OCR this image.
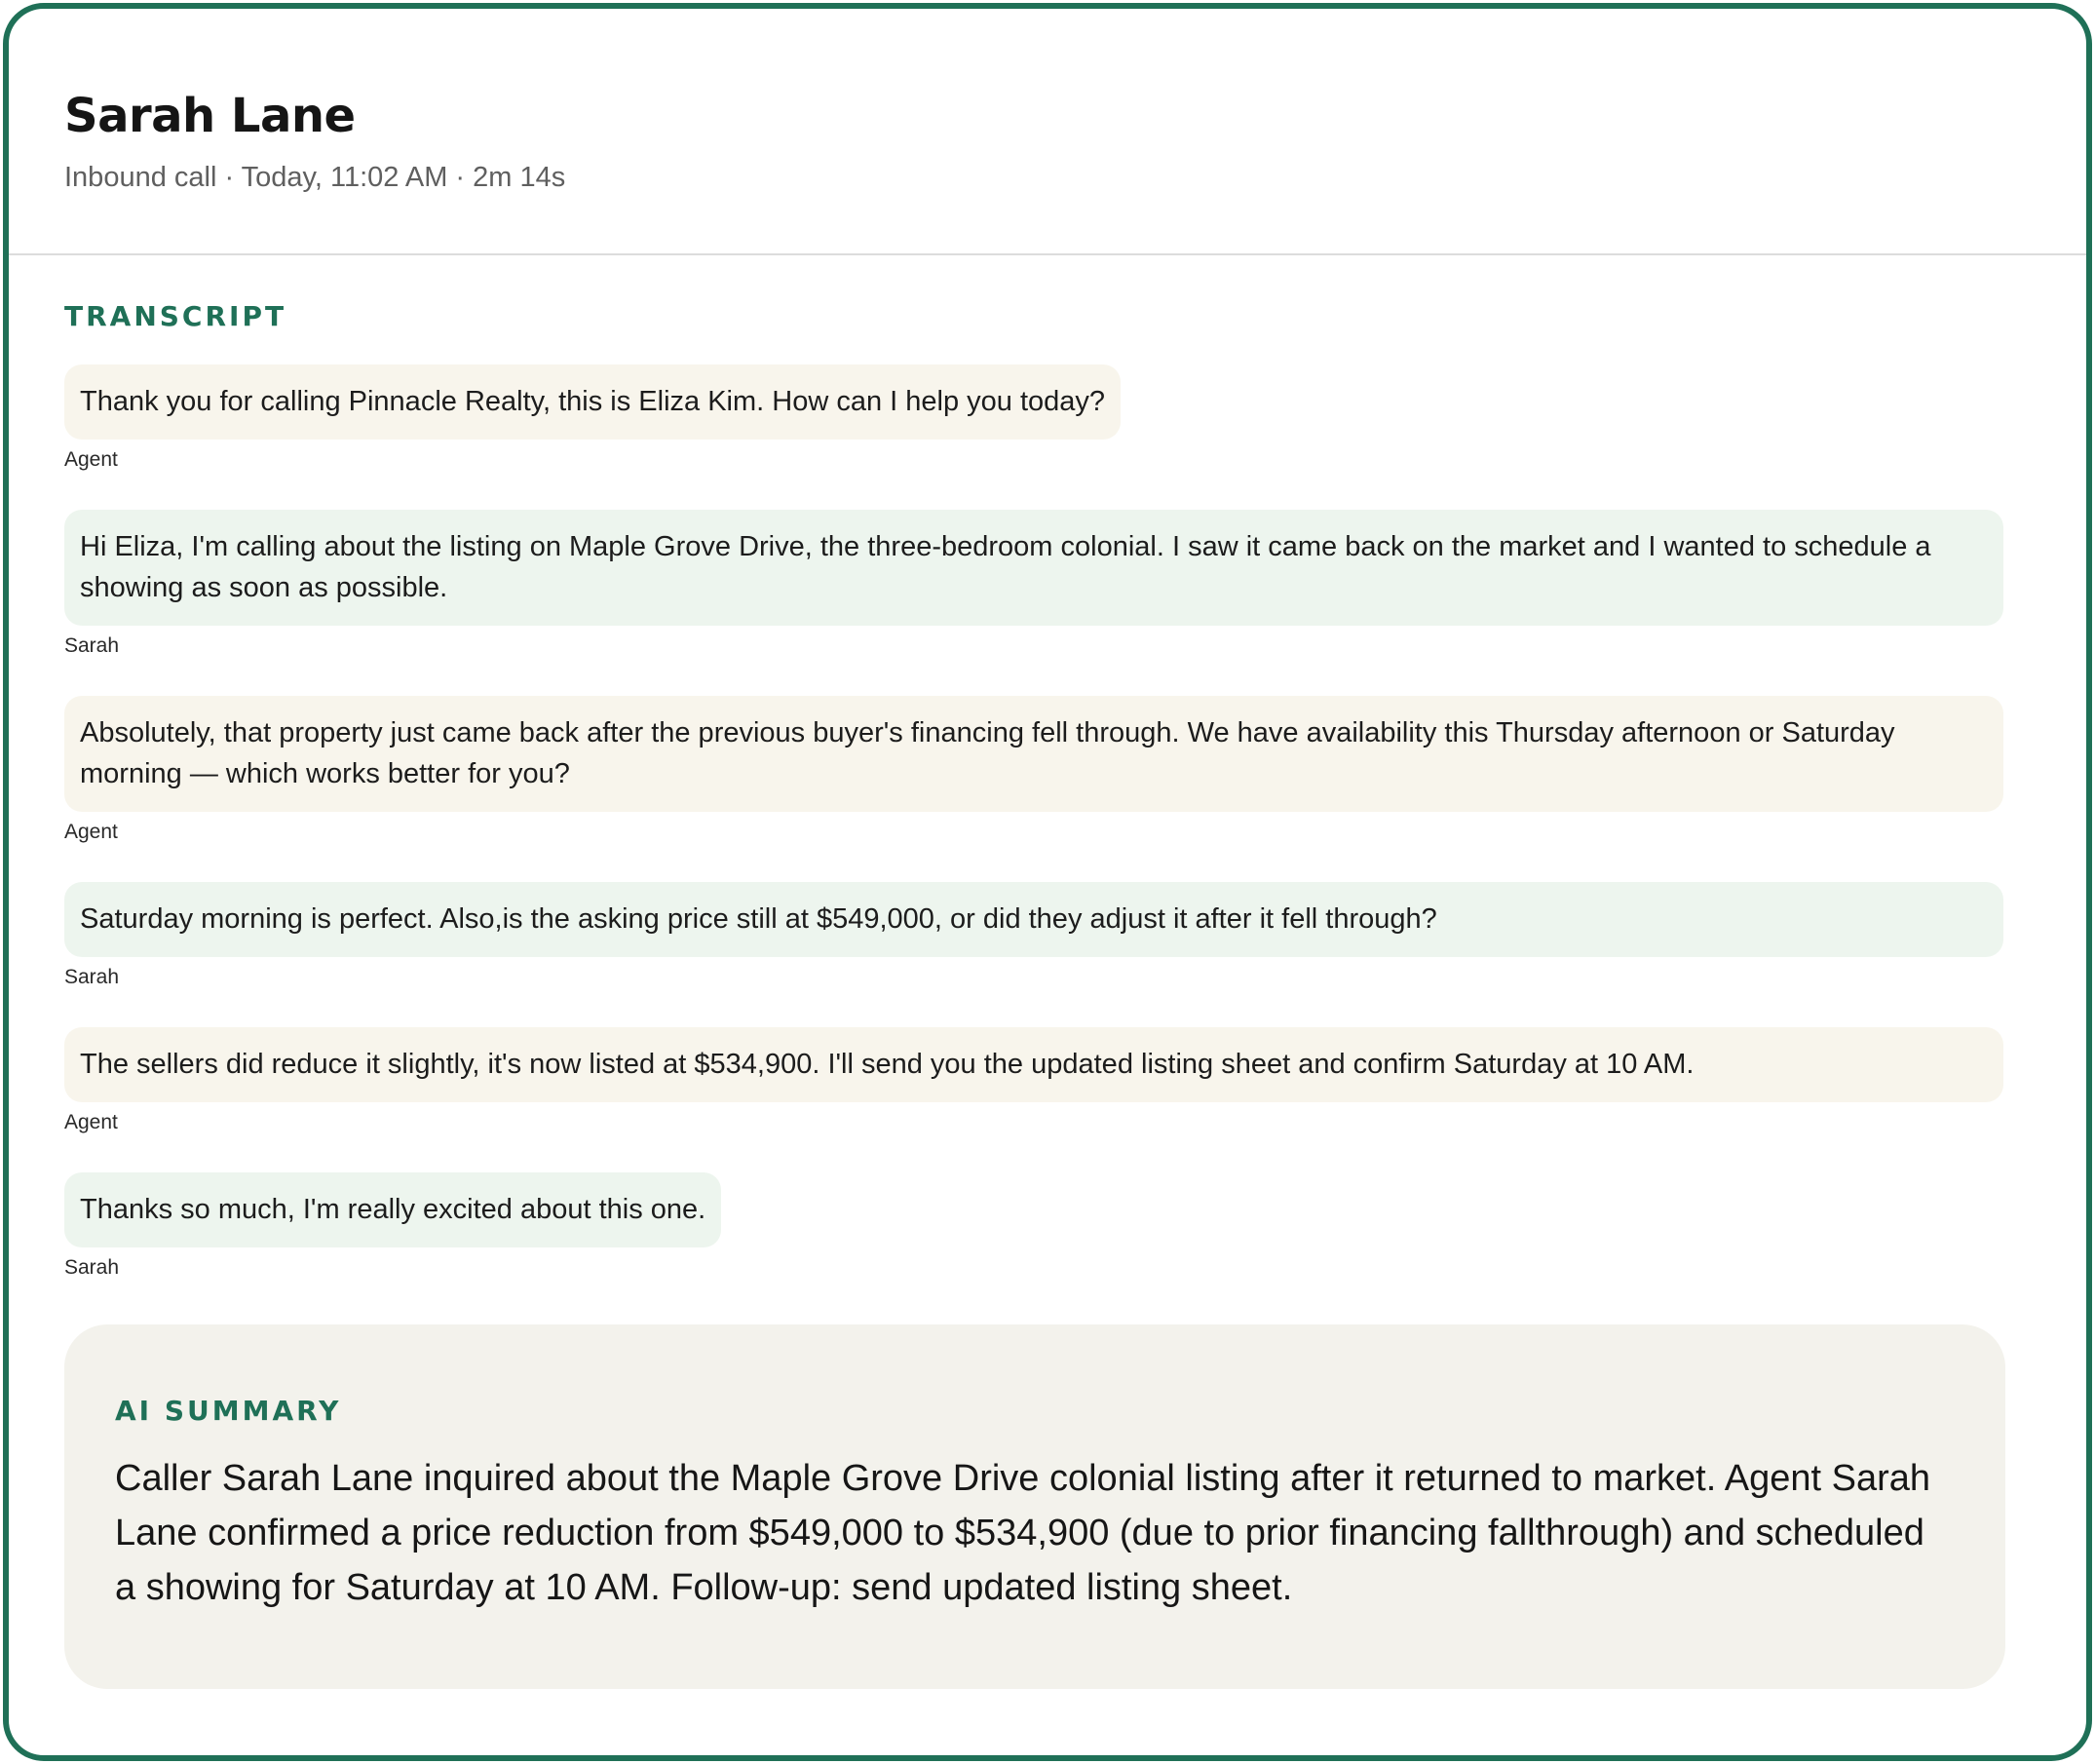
Sarah Lane
Inbound call · Today, 11:02 AM · 2m 14s
TRANSCRIPT
Thank you for calling Pinnacle Realty, this is Eliza Kim. How can I help you today?
Agent
Hi Eliza, I'm calling about the listing on Maple Grove Drive, the three-bedroom colonial. I saw it came back on the market and I wanted to schedule a showing as soon as possible.
Sarah
Absolutely, that property just came back after the previous buyer's financing fell through. We have availability this Thursday afternoon or Saturday morning — which works better for you?
Agent
Saturday morning is perfect. Also,is the asking price still at $549,000, or did they adjust it after it fell through?
Sarah
The sellers did reduce it slightly, it's now listed at $534,900. I'll send you the updated listing sheet and confirm Saturday at 10 AM.
Agent
Thanks so much, I'm really excited about this one.
Sarah
AI SUMMARY
Caller Sarah Lane inquired about the Maple Grove Drive colonial listing after it returned to market. Agent Sarah Lane confirmed a price reduction from $549,000 to $534,900 (due to prior financing fallthrough) and scheduled a showing for Saturday at 10 AM. Follow-up: send updated listing sheet.
